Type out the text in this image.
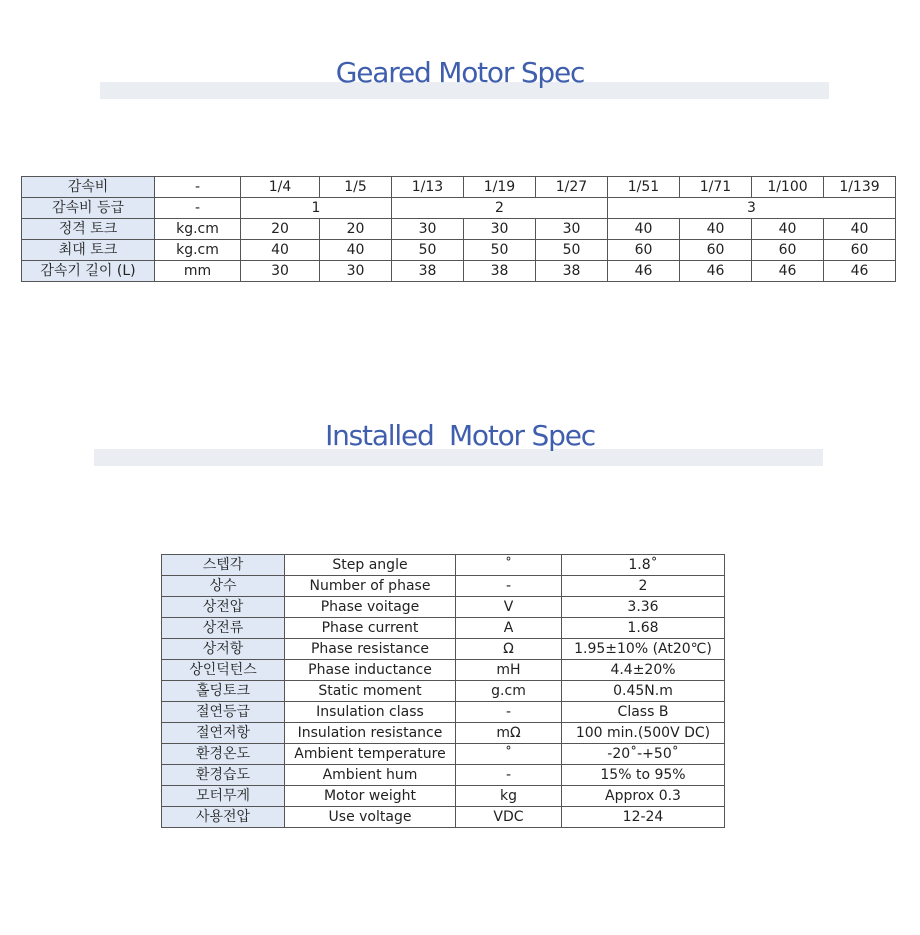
Geared Motor Spec
감속비	-	1/4	1/5	1/13	1/19	1/27	1/51	1/71	1/100	1/139
감속비 등급	-	1		2			3			
정격 토크	kg.cm	20	20	30	30	30	40	40	40	40
최대 토크	kg.cm	40	40	50	50	50	60	60	60	60
감속기 길이 (L)	mm	30	30	38	38	38	46	46	46	46
Installed  Motor Spec
스텝각	Step angle	˚	1.8˚
상수	Number of phase	-	2
상전압	Phase voitage	V	3.36
상전류	Phase current	A	1.68
상저항	Phase resistance	Ω	1.95±10% (At20℃)
상인덕턴스	Phase inductance	mH	4.4±20%
홀딩토크	Static moment	g.cm	0.45N.m
절연등급	Insulation class	-	Class B
절연저항	Insulation resistance	mΩ	100 min.(500V DC)
환경온도	Ambient temperature	˚	-20˚-+50˚
환경습도	Ambient hum	-	15% to 95%
모터무게	Motor weight	kg	Approx 0.3
사용전압	Use voltage	VDC	12-24
